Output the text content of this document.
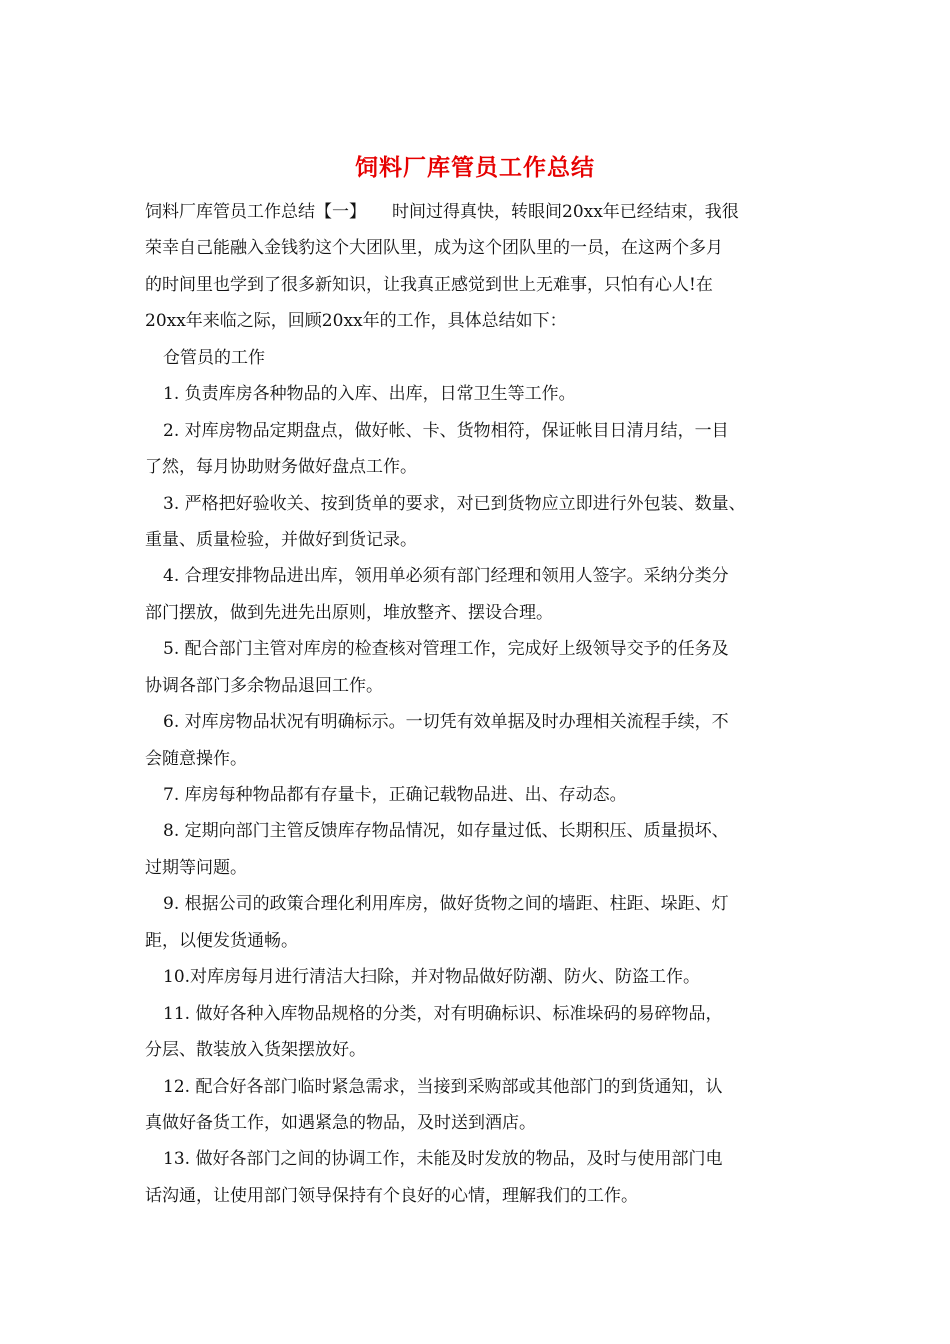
饲料厂库管员工作总结
饲料厂库管员工作总结【一】 时间过得真快，转眼间20xx年已经结束，我很
荣幸自己能融入金钱豹这个大团队里，成为这个团队里的一员，在这两个多月
的时间里也学到了很多新知识，让我真正感觉到世上无难事，只怕有心人!在
20xx年来临之际，回顾20xx年的工作，具体总结如下：
仓管员的工作
1. 负责库房各种物品的入库、出库，日常卫生等工作。
2. 对库房物品定期盘点，做好帐、卡、货物相符，保证帐目日清月结，一目
了然，每月协助财务做好盘点工作。
3. 严格把好验收关、按到货单的要求，对已到货物应立即进行外包装、数量、
重量、质量检验，并做好到货记录。
4. 合理安排物品进出库，领用单必须有部门经理和领用人签字。采纳分类分
部门摆放，做到先进先出原则，堆放整齐、摆设合理。
5. 配合部门主管对库房的检查核对管理工作，完成好上级领导交予的任务及
协调各部门多余物品退回工作。
6. 对库房物品状况有明确标示。一切凭有效单据及时办理相关流程手续，不
会随意操作。
7. 库房每种物品都有存量卡，正确记载物品进、出、存动态。
8. 定期向部门主管反馈库存物品情况，如存量过低、长期积压、质量损坏、
过期等问题。
9. 根据公司的政策合理化利用库房，做好货物之间的墙距、柱距、垛距、灯
距，以便发货通畅。
10.对库房每月进行清洁大扫除，并对物品做好防潮、防火、防盗工作。
11. 做好各种入库物品规格的分类，对有明确标识、标准垛码的易碎物品，
分层、散装放入货架摆放好。
12. 配合好各部门临时紧急需求，当接到采购部或其他部门的到货通知，认
真做好备货工作，如遇紧急的物品，及时送到酒店。
13. 做好各部门之间的协调工作，未能及时发放的物品，及时与使用部门电
话沟通，让使用部门领导保持有个良好的心情，理解我们的工作。
